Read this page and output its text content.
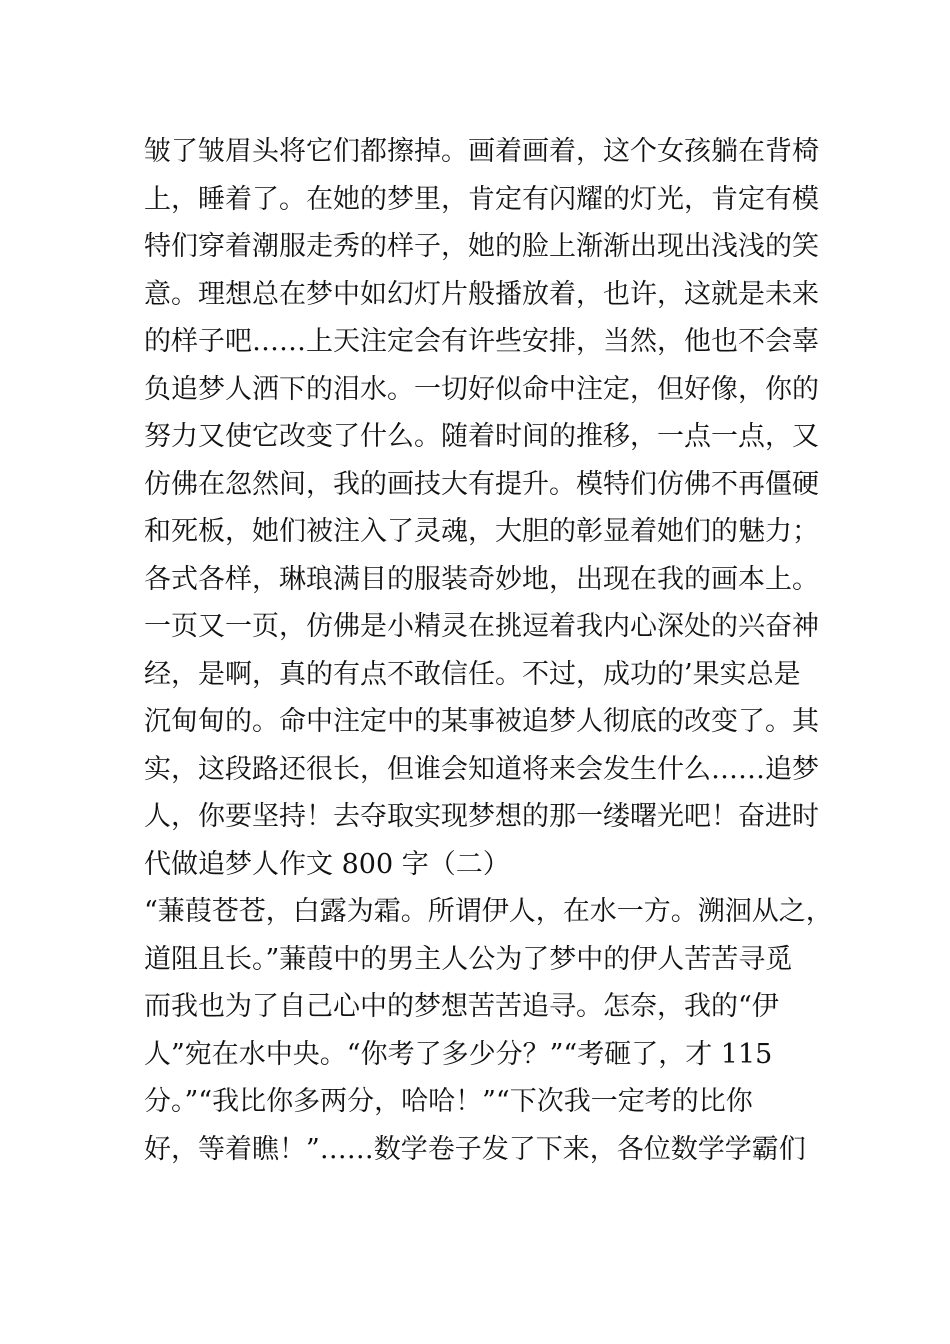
皱了皱眉头将它们都擦掉。画着画着，这个女孩躺在背椅
上，睡着了。在她的梦里，肯定有闪耀的灯光，肯定有模
特们穿着潮服走秀的样子，她的脸上渐渐出现出浅浅的笑
意。理想总在梦中如幻灯片般播放着，也许，这就是未来
的样子吧……上天注定会有许些安排，当然，他也不会辜
负追梦人洒下的泪水。一切好似命中注定，但好像，你的
努力又使它改变了什么。随着时间的推移，一点一点，又
仿佛在忽然间，我的画技大有提升。模特们仿佛不再僵硬
和死板，她们被注入了灵魂，大胆的彰显着她们的魅力；
各式各样，琳琅满目的服装奇妙地，出现在我的画本上。
一页又一页，仿佛是小精灵在挑逗着我内心深处的兴奋神
经，是啊，真的有点不敢信任。不过，成功的’果实总是
沉甸甸的。命中注定中的某事被追梦人彻底的改变了。其
实，这段路还很长，但谁会知道将来会发生什么……追梦
人，你要坚持！去夺取实现梦想的那一缕曙光吧！奋进时
代做追梦人作文 800 字（二）
“蒹葭苍苍，白露为霜。所谓伊人，在水一方。溯洄从之，
道阻且长。”蒹葭中的男主人公为了梦中的伊人苦苦寻觅
而我也为了自己心中的梦想苦苦追寻。怎奈，我的“伊
人”宛在水中央。“你考了多少分？”“考砸了，才 115
分。”“我比你多两分，哈哈！”“下次我一定考的比你
好，等着瞧！”……数学卷子发了下来，各位数学学霸们
